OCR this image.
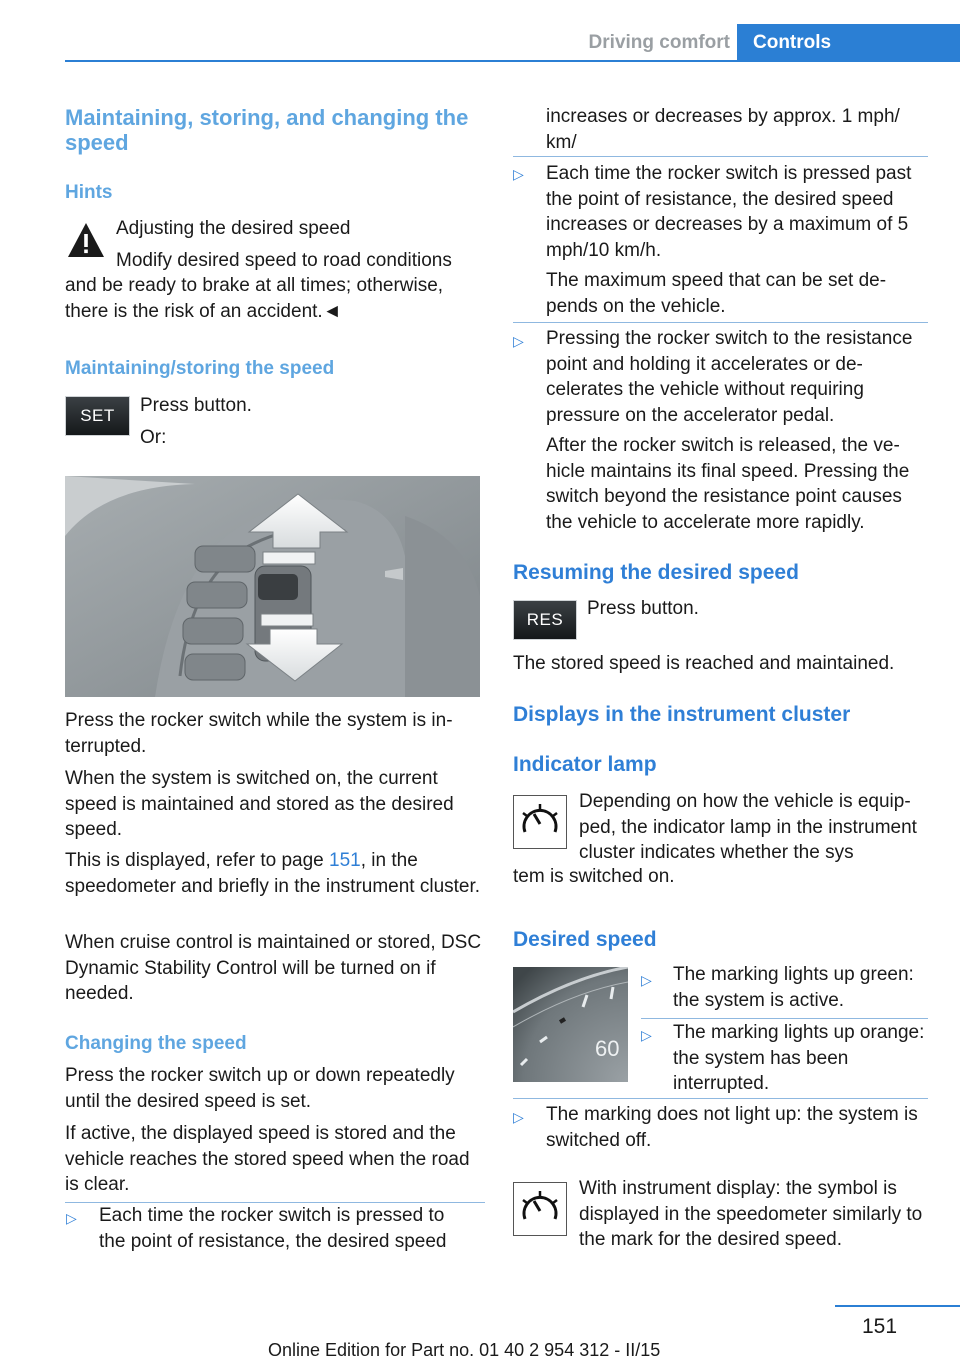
Driving comfort Controls
Maintaining, storing, and changing the speed
Hints
Adjusting the desired speed
Modify desired speed to road conditions
and be ready to brake at all times; otherwise, there is the risk of an accident.◄
Maintaining/storing the speed
SET	Press button.
Or:
Press the rocker switch while the system is interrupted.
When the system is switched on, the current speed is maintained and stored as the desired speed.
This is displayed, refer to page 151, in the speedometer and briefly in the instrument cluster.
When cruise control is maintained or stored, DSC Dynamic Stability Control will be turned on if needed.
Changing the speed
Press the rocker switch up or down repeatedly until the desired speed is set.
If active, the displayed speed is stored and the vehicle reaches the stored speed when the road is clear.
▷ Each time the rocker switch is pressed to
the point of resistance, the desired speed
increases or decreases by approx. 1 mph/ km/
▷ Each time the rocker switch is pressed past the point of resistance, the desired speed increases or decreases by a maximum of 5 mph/10 km/h.
The maximum speed that can be set depends on the vehicle.
▷ Pressing the rocker switch to the resistance point and holding it accelerates or decelerates the vehicle without requiring pressure on the accelerator pedal.
After the rocker switch is released, the vehicle maintains its final speed. Pressing the switch beyond the resistance point causes the vehicle to accelerate more rapidly.
Resuming the desired speed
RES
Press button.
The stored speed is reached and maintained.
Displays in the instrument cluster
Indicator lamp
Depending on how the vehicle is equipped, the indicator lamp in the instrument cluster indicates whether the sys
tem is switched on.
Desired speed
60
▷ The marking lights up green: the system is active.
▷ The marking lights up orange: the system has been interrupted.
▷ The marking does not light up: the system is switched off.
With instrument display: the symbol is displayed in the speedometer similarly to the mark for the desired speed.
151
Online Edition for Part no. 01 40 2 954 312 - II/15
